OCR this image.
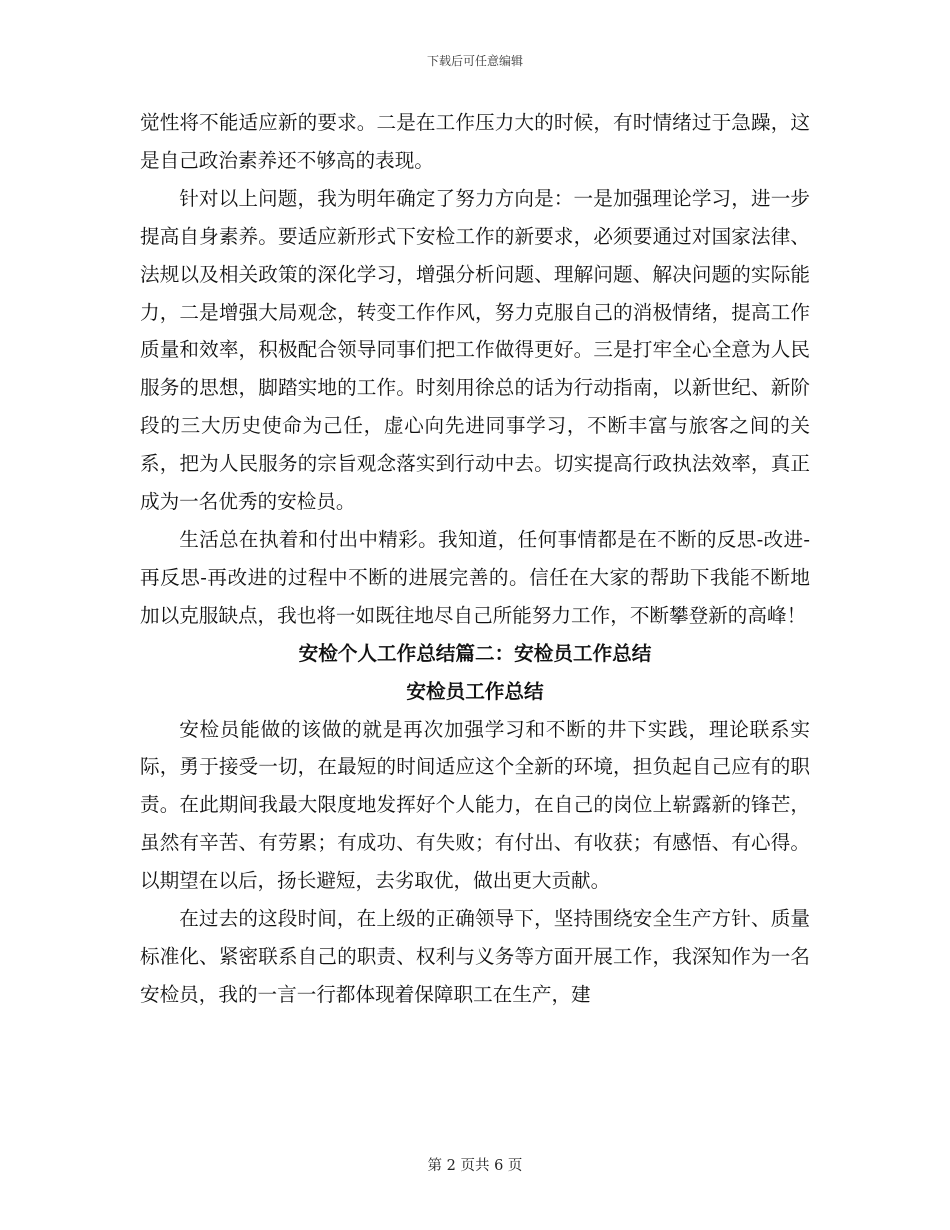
下载后可任意编辑

觉性将不能适应新的要求。二是在工作压力大的时候，有时情绪过于急躁，这是自己政治素养还不够高的表现。

针对以上问题，我为明年确定了努力方向是：一是加强理论学习，进一步提高自身素养。要适应新形式下安检工作的新要求，必须要通过对国家法律、法规以及相关政策的深化学习，增强分析问题、理解问题、解决问题的实际能力，二是增强大局观念，转变工作作风，努力克服自己的消极情绪，提高工作质量和效率，积极配合领导同事们把工作做得更好。三是打牢全心全意为人民服务的思想，脚踏实地的工作。时刻用徐总的话为行动指南，以新世纪、新阶段的三大历史使命为己任，虚心向先进同事学习，不断丰富与旅客之间的关系，把为人民服务的宗旨观念落实到行动中去。切实提高行政执法效率，真正成为一名优秀的安检员。

生活总在执着和付出中精彩。我知道，任何事情都是在不断的反思-改进-再反思-再改进的过程中不断的进展完善的。信任在大家的帮助下我能不断地加以克服缺点，我也将一如既往地尽自己所能努力工作，不断攀登新的高峰！

安检个人工作总结篇二：安检员工作总结

安检员工作总结

安检员能做的该做的就是再次加强学习和不断的井下实践，理论联系实际，勇于接受一切，在最短的时间适应这个全新的环境，担负起自己应有的职责。在此期间我最大限度地发挥好个人能力，在自己的岗位上崭露新的锋芒，虽然有辛苦、有劳累；有成功、有失败；有付出、有收获；有感悟、有心得。以期望在以后，扬长避短，去劣取优，做出更大贡献。

在过去的这段时间，在上级的正确领导下，坚持围绕安全生产方针、质量标准化、紧密联系自己的职责、权利与义务等方面开展工作，我深知作为一名安检员，我的一言一行都体现着保障职工在生产，建

第 2 页共 6 页
